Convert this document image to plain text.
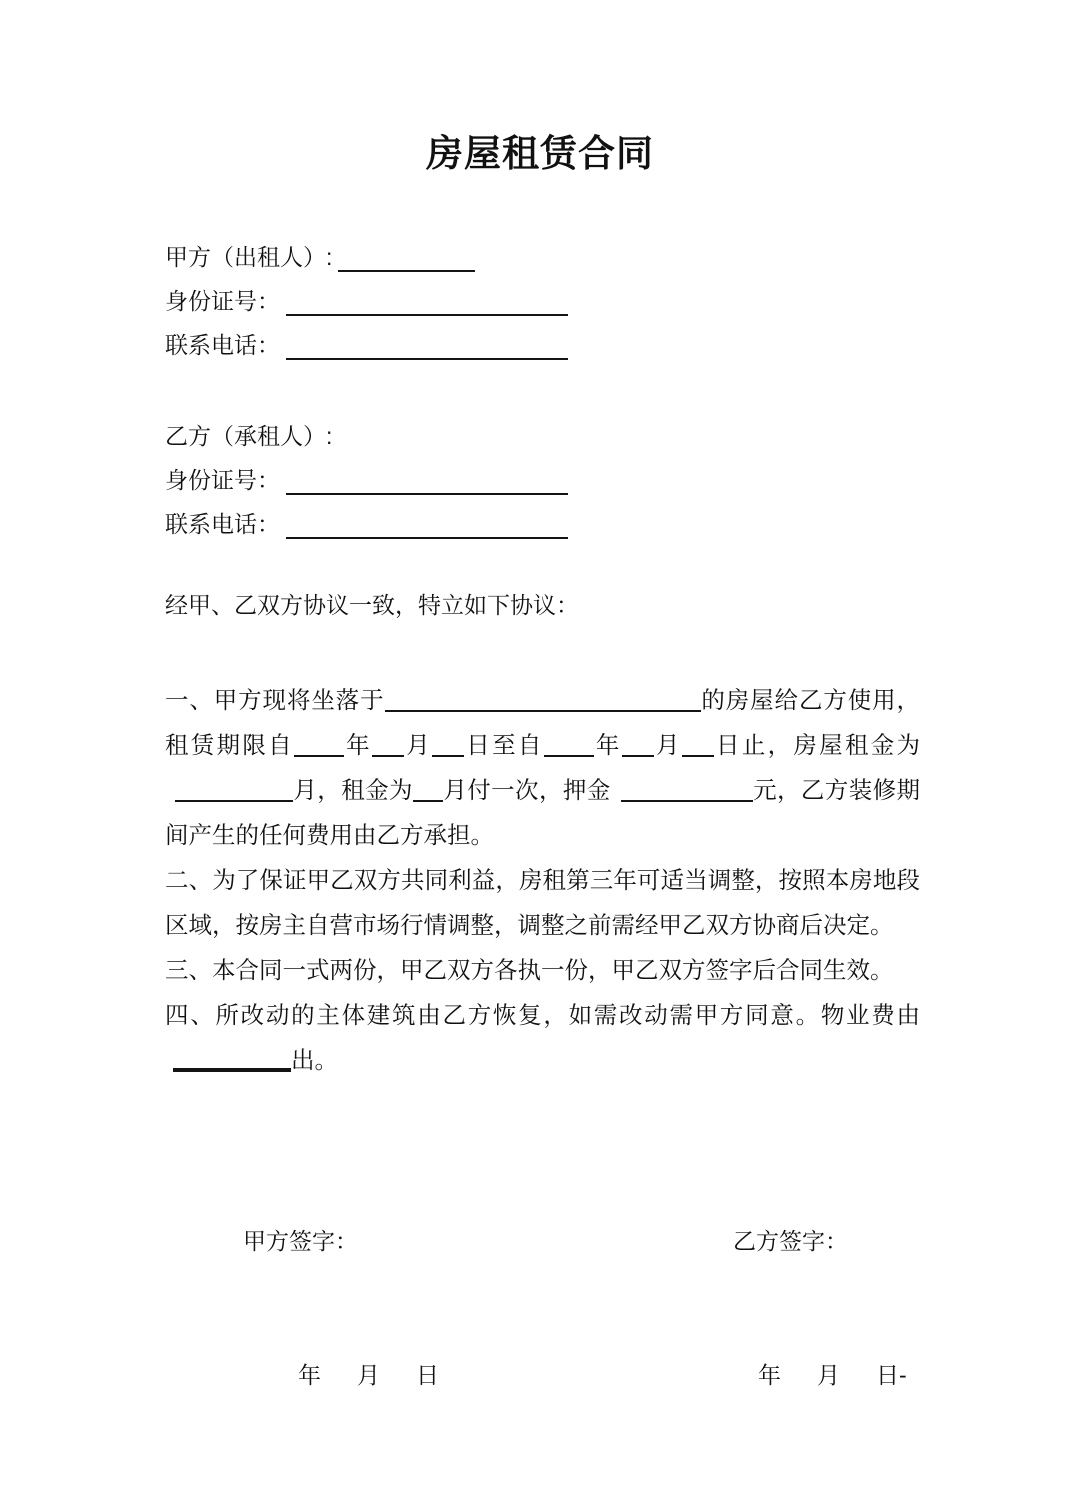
房屋租赁合同
甲方（出租人）:
身份证号：
联系电话：
乙方（承租人）:
身份证号：
联系电话：
经甲、乙双方协议一致，特立如下协议：

一、甲方现将坐落于	的房屋给乙方使用，租赁期限自 年 月 日至自 年 月 日止，房屋租金为月，租金为 月付一次，押金	元，乙方装修期间产生的任何费用由乙方承担。

二、为了保证甲乙双方共同利益，房租第三年可适当调整，按照本房地段区域，按房主自营市场行情调整，调整之前需经甲乙双方协商后决定。

三、本合同一式两份，甲乙双方各执一份，甲乙双方签字后合同生效。

四、所改动的主体建筑由乙方恢复，如需改动需甲方同意。物业费由出。

甲方签字：	乙方签字：
年 月 日	年 月 日-
